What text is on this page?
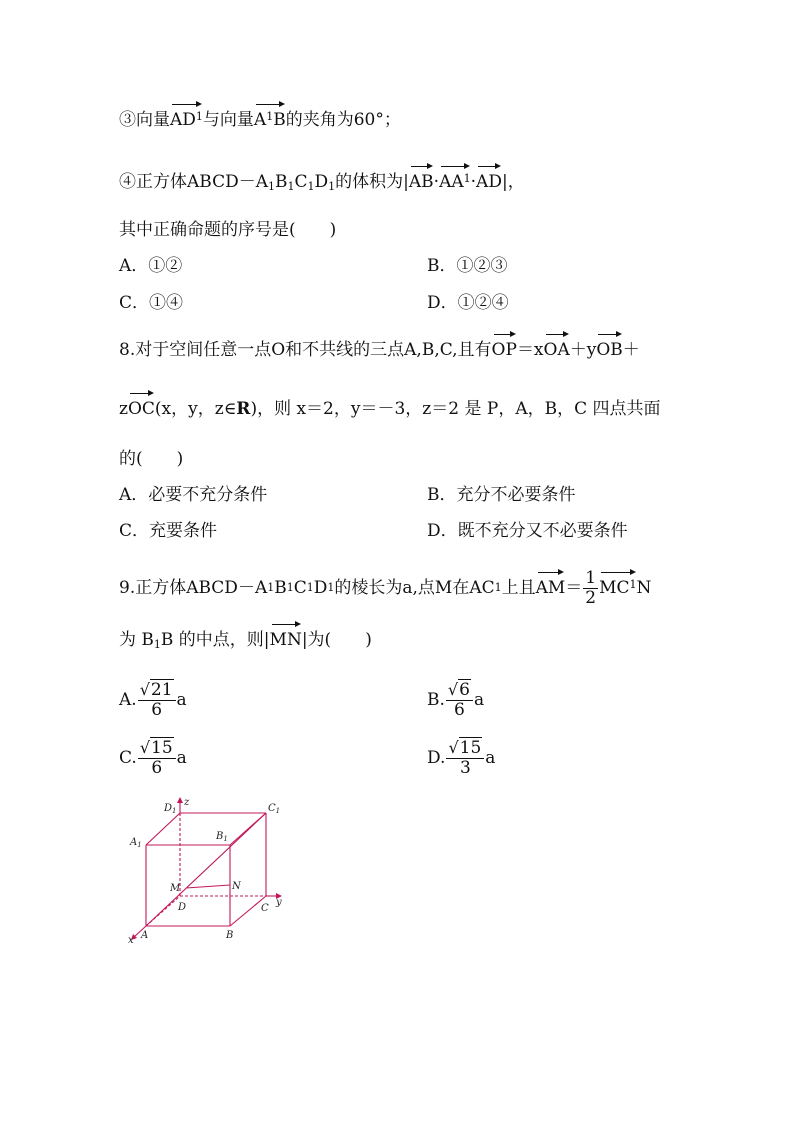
③向量$AD^1$与向量$A^1B$的夹角为60°；
④正方体$ABCD-A_1B_1C_1D_1$的体积为$|AB\cdot AA^1\cdot AD|$，
其中正确命题的序号是(　　)
A．①②	B．①②③
C．①④	D．①②④
8.对于空间任意一点O和不共线的三点A,B,C,且有OP＝xOA＋yOB＋
zOC(x，y，z∈R)，则 x＝2，y＝－3，z＝2 是 P，A，B，C 四点共面
的(　　)
A．必要不充分条件	B．充分不必要条件
C．充要条件	D．既不充分又不必要条件
9.正方体ABCD－A 1 B 1 C 1 D 1 的棱长为a,点M在AC 1 上且 AM ＝ $\frac{1}{2} MC^1$ N
为 $B_1B$ 的中点，则|MN|为(　　)
A. $\frac{√21}{6}$ a	B. $\frac{√6}{6}$ a
C. $\frac{√15}{6}$ a	D. $\frac{√15}{3}$ a
$D_1$
z
$C_1$
$A_1$
$B_1$
M	N
D	C
y
x A	B
